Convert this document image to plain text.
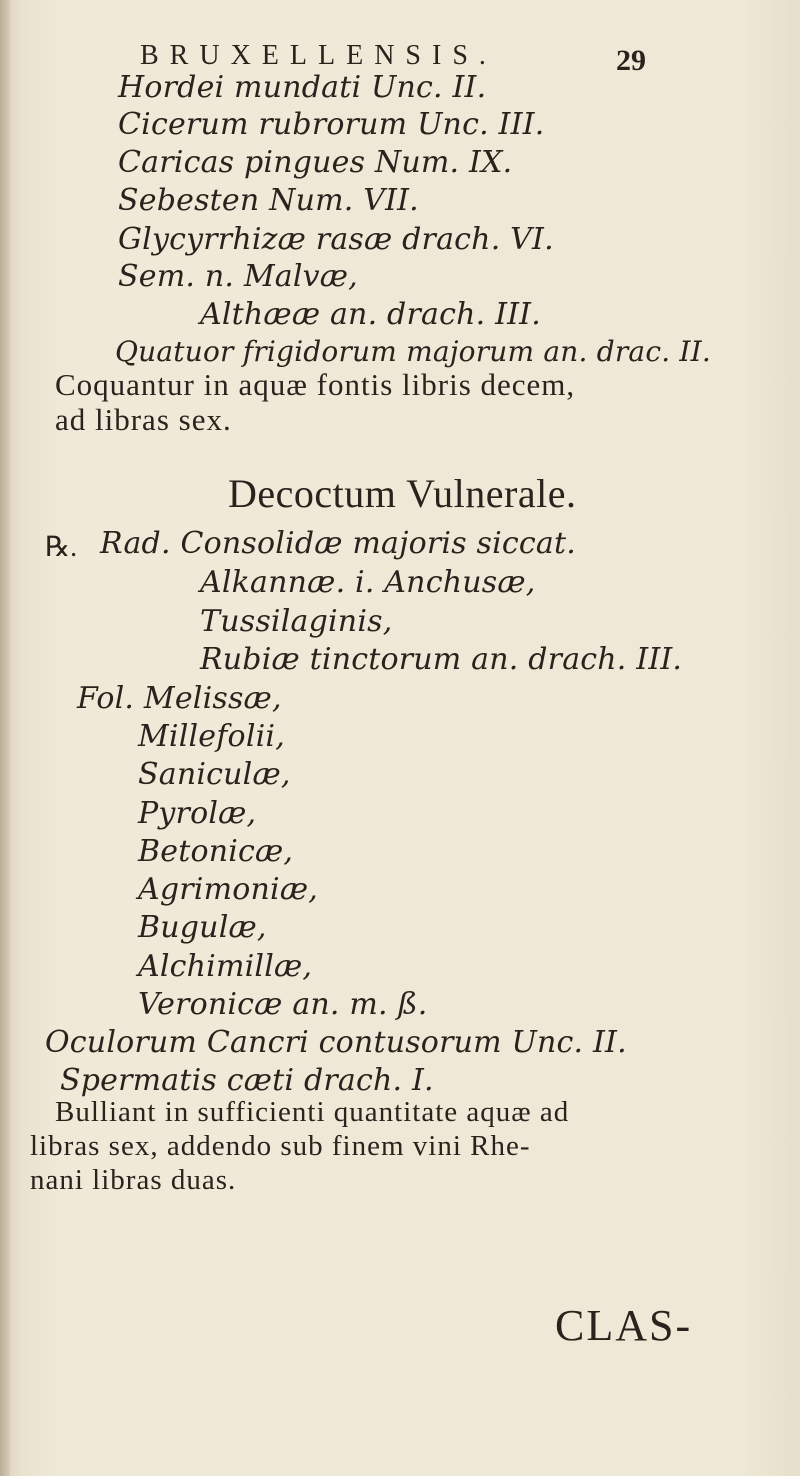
BRUXELLENSIS.	29
Hordei mundati Unc. II.
Cicerum rubrorum Unc. III.
Caricas pingues Num. IX.
Sebesten Num. VII.
Glycyrrhizæ rasæ drach. VI.
Sem. n. Malvæ,
Althææ an. drach. III.
Quatuor frigidorum majorum an. drac. II.
Coquantur in aquæ fontis libris decem,
ad libras sex.
Decoctum Vulnerale.
℞. Rad. Consolidæ majoris siccat.
Alkannæ. i. Anchusæ,
Tussilaginis,
Rubiæ tinctorum an. drach. III.
Fol. Melissæ,
Millefolii,
Saniculæ,
Pyrolæ,
Betonicæ,
Agrimoniæ,
Bugulæ,
Alchimillæ,
Veronicæ an. m. ß.
Oculorum Cancri contusorum Unc. II.
Spermatis cæti drach. I.
Bulliant in sufficienti quantitate aquæ ad
libras sex, addendo sub finem vini Rhe-
nani libras duas.
CLAS-
